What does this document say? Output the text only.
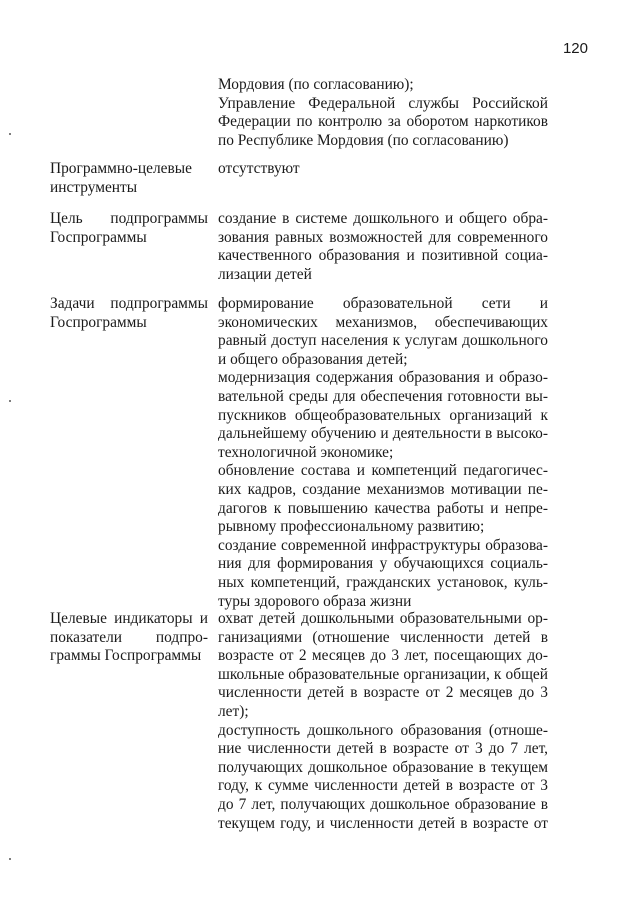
120
Мордовия (по согласованию);
Управление Федеральной службы Российской
Федерации по контролю за оборотом наркотиков
по Республике Мордовия (по согласованию)
Программно-целевые
инструменты
отсутствуют
Цель подпрограммы
Госпрограммы
создание в системе дошкольного и общего обра-
зования равных возможностей для современного
качественного образования и позитивной социа-
лизации детей
Задачи подпрограммы
Госпрограммы
формирование образовательной сети и
экономических механизмов, обеспечивающих
равный доступ населения к услугам дошкольного
и общего образования детей;
модернизация содержания образования и образо-
вательной среды для обеспечения готовности вы-
пускников общеобразовательных организаций к
дальнейшему обучению и деятельности в высоко-
технологичной экономике;
обновление состава и компетенций педагогичес-
ких кадров, создание механизмов мотивации пе-
дагогов к повышению качества работы и непре-
рывному профессиональному развитию;
создание современной инфраструктуры образова-
ния для формирования у обучающихся социаль-
ных компетенций, гражданских установок, куль-
туры здорового образа жизни
Целевые индикаторы и
показатели подпро-
граммы Госпрограммы
охват детей дошкольными образовательными ор-
ганизациями (отношение численности детей в
возрасте от 2 месяцев до 3 лет, посещающих до-
школьные образовательные организации, к общей
численности детей в возрасте от 2 месяцев до 3
лет);
доступность дошкольного образования (отноше-
ние численности детей в возрасте от 3 до 7 лет,
получающих дошкольное образование в текущем
году, к сумме численности детей в возрасте от 3
до 7 лет, получающих дошкольное образование в
текущем году, и численности детей в возрасте от
